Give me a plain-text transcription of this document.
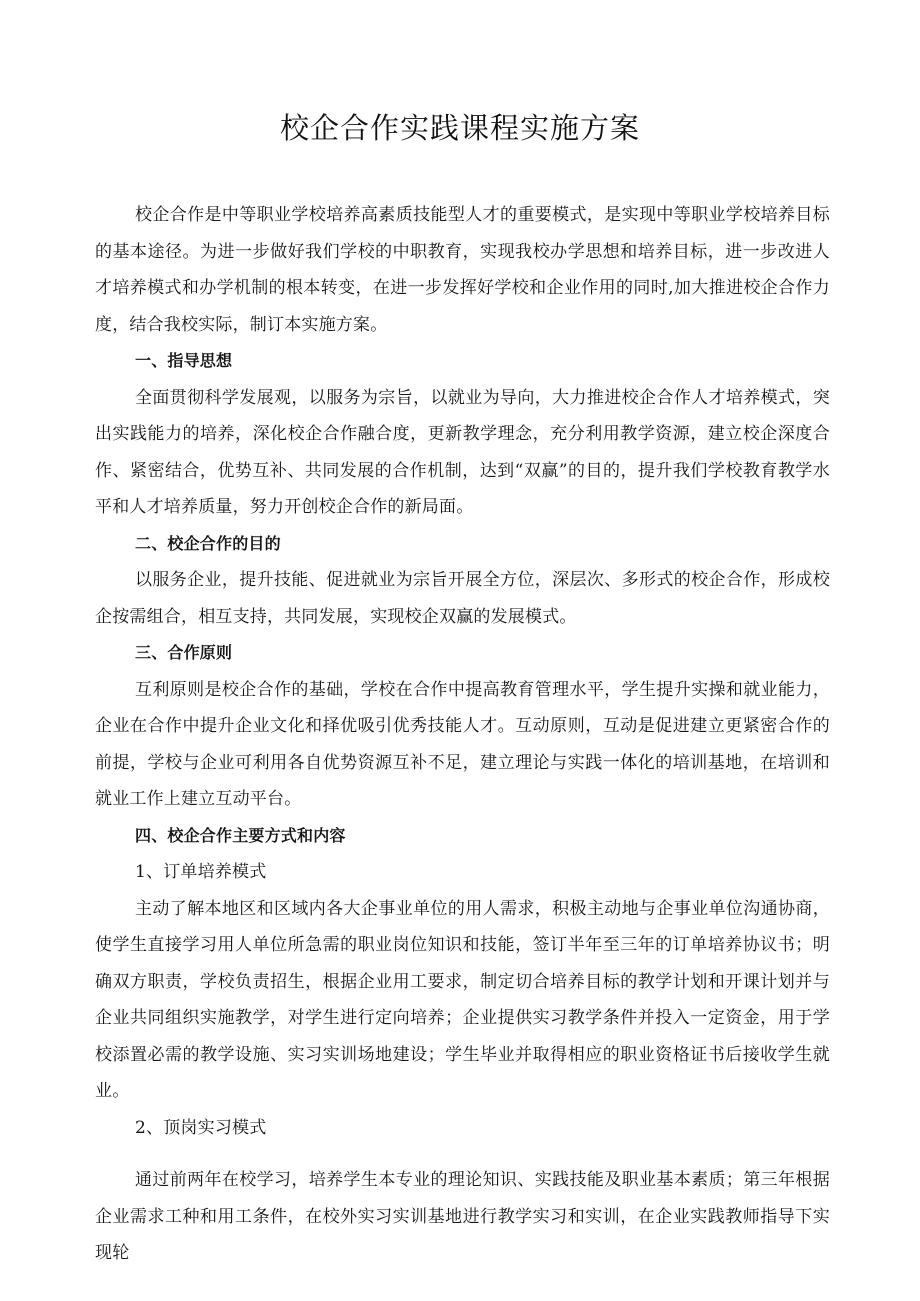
校企合作实践课程实施方案

校企合作是中等职业学校培养高素质技能型人才的重要模式，是实现中等职业学校培养目标的基本途径。为进一步做好我们学校的中职教育，实现我校办学思想和培养目标，进一步改进人才培养模式和办学机制的根本转变，在进一步发挥好学校和企业作用的同时,加大推进校企合作力度，结合我校实际，制订本实施方案。

一、指导思想

全面贯彻科学发展观，以服务为宗旨，以就业为导向，大力推进校企合作人才培养模式，突出实践能力的培养，深化校企合作融合度，更新教学理念，充分利用教学资源，建立校企深度合作、紧密结合，优势互补、共同发展的合作机制，达到“双赢”的目的，提升我们学校教育教学水平和人才培养质量，努力开创校企合作的新局面。

二、校企合作的目的

以服务企业，提升技能、促进就业为宗旨开展全方位，深层次、多形式的校企合作，形成校企按需组合，相互支持，共同发展，实现校企双赢的发展模式。

三、合作原则

互利原则是校企合作的基础，学校在合作中提高教育管理水平，学生提升实操和就业能力，企业在合作中提升企业文化和择优吸引优秀技能人才。互动原则，互动是促进建立更紧密合作的前提，学校与企业可利用各自优势资源互补不足，建立理论与实践一体化的培训基地，在培训和就业工作上建立互动平台。

四、校企合作主要方式和内容

1、订单培养模式

主动了解本地区和区域内各大企事业单位的用人需求，积极主动地与企事业单位沟通协商，使学生直接学习用人单位所急需的职业岗位知识和技能，签订半年至三年的订单培养协议书；明确双方职责，学校负责招生，根据企业用工要求，制定切合培养目标的教学计划和开课计划并与企业共同组织实施教学，对学生进行定向培养；企业提供实习教学条件并投入一定资金，用于学校添置必需的教学设施、实习实训场地建设；学生毕业并取得相应的职业资格证书后接收学生就业。

2、顶岗实习模式

通过前两年在校学习，培养学生本专业的理论知识、实践技能及职业基本素质；第三年根据企业需求工种和用工条件，在校外实习实训基地进行教学实习和实训，在企业实践教师指导下实现轮
